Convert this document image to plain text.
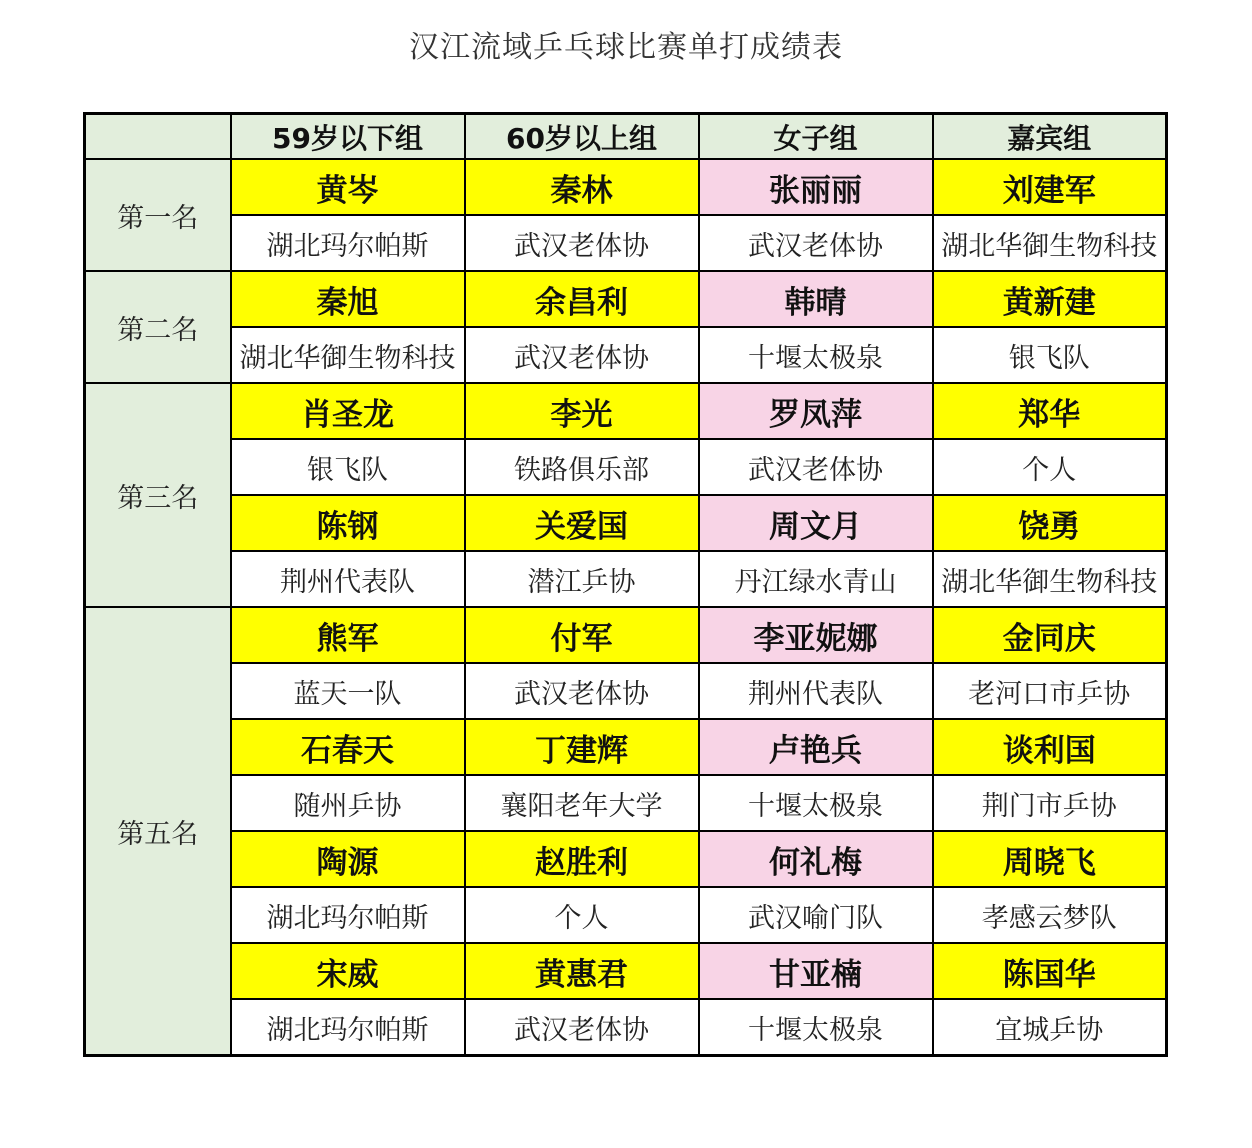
汉江流域乒乓球比赛单打成绩表
	59岁以下组	60岁以上组	女子组	嘉宾组
第一名	黄岑	秦林	张丽丽	刘建军
	湖北玛尔帕斯	武汉老体协	武汉老体协	湖北华御生物科技
第二名	秦旭	余昌利	韩晴	黄新建
	湖北华御生物科技	武汉老体协	十堰太极泉	银飞队
第三名	肖圣龙	李光	罗凤萍	郑华
	银飞队	铁路俱乐部	武汉老体协	个人
	陈钢	关爱国	周文月	饶勇
	荆州代表队	潜江乒协	丹江绿水青山	湖北华御生物科技
第五名	熊军	付军	李亚妮娜	金同庆
	蓝天一队	武汉老体协	荆州代表队	老河口市乒协
	石春天	丁建辉	卢艳兵	谈利国
	随州乒协	襄阳老年大学	十堰太极泉	荆门市乒协
	陶源	赵胜利	何礼梅	周晓飞
	湖北玛尔帕斯	个人	武汉喻门队	孝感云梦队
	宋威	黄惠君	甘亚楠	陈国华
	湖北玛尔帕斯	武汉老体协	十堰太极泉	宜城乒协
